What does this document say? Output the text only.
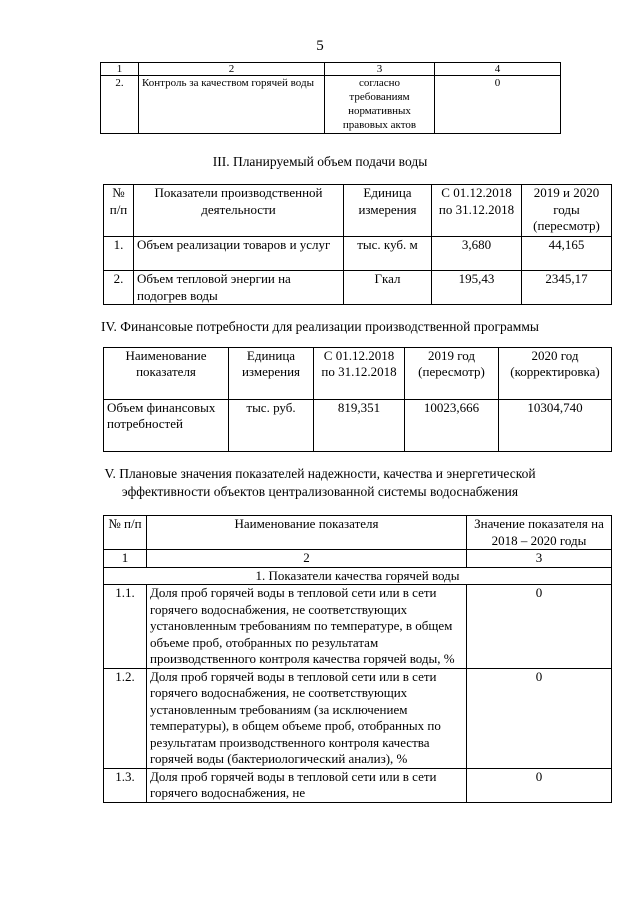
5
1	2	3	4
2.	Контроль за качеством горячей воды	согласно требованиям нормативных правовых актов	0
III. Планируемый объем подачи воды
№ п/п	Показатели производственной деятельности	Единица измерения	С 01.12.2018 по 31.12.2018	2019 и 2020 годы (пересмотр)
1.	Объем реализации товаров и услуг	тыс. куб. м	3,680	44,165
2.	Объем тепловой энергии на подогрев воды	Гкал	195,43	2345,17
IV. Финансовые потребности для реализации производственной программы
Наименование показателя	Единица измерения	С 01.12.2018 по 31.12.2018	2019 год (пересмотр)	2020 год (корректировка)
Объем финансовых потребностей	тыс. руб.	819,351	10023,666	10304,740
V. Плановые значения показателей надежности, качества и энергетической
эффективности объектов централизованной системы водоснабжения
№ п/п	Наименование показателя	Значение показателя на 2018 – 2020 годы
1	2	3
1. Показатели качества горячей воды		
1.1.	Доля проб горячей воды в тепловой сети или в сети горячего водоснабжения, не соответствующих установленным требованиям по температуре, в общем объеме проб, отобранных по результатам производственного контроля качества горячей воды, %	0
1.2.	Доля проб горячей воды в тепловой сети или в сети горячего водоснабжения, не соответствующих установленным требованиям (за исключением температуры), в общем объеме проб, отобранных по результатам производственного контроля качества горячей воды (бактериологический анализ), %	0
1.3.	Доля проб горячей воды в тепловой сети или в сети горячего водоснабжения, не	0
